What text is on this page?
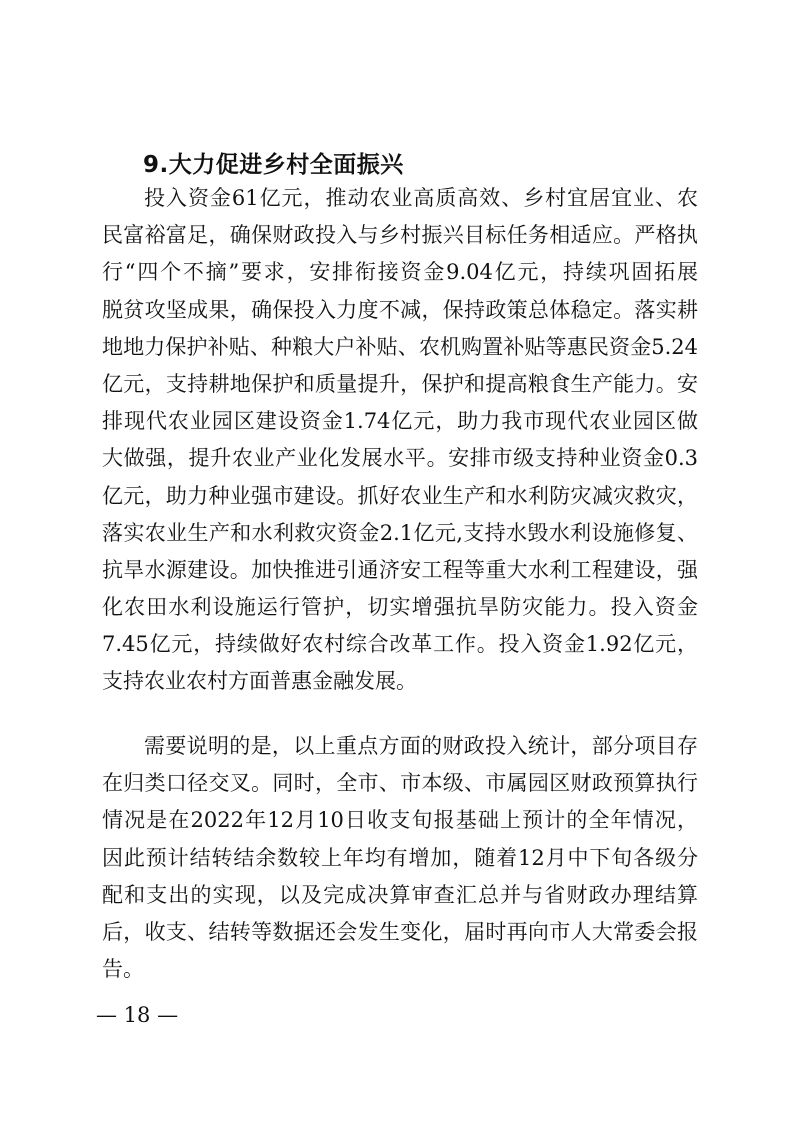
9.大力促进乡村全面振兴
投入资金61亿元，推动农业高质高效、乡村宜居宜业、农
民富裕富足，确保财政投入与乡村振兴目标任务相适应。严格执
行“四个不摘”要求，安排衔接资金9.04亿元，持续巩固拓展
脱贫攻坚成果，确保投入力度不减，保持政策总体稳定。落实耕
地地力保护补贴、种粮大户补贴、农机购置补贴等惠民资金5.24
亿元，支持耕地保护和质量提升，保护和提高粮食生产能力。安
排现代农业园区建设资金1.74亿元，助力我市现代农业园区做
大做强，提升农业产业化发展水平。安排市级支持种业资金0.3
亿元，助力种业强市建设。抓好农业生产和水利防灾减灾救灾，
落实农业生产和水利救灾资金2.1亿元,支持水毁水利设施修复、
抗旱水源建设。加快推进引通济安工程等重大水利工程建设，强
化农田水利设施运行管护，切实增强抗旱防灾能力。投入资金
7.45亿元，持续做好农村综合改革工作。投入资金1.92亿元，
支持农业农村方面普惠金融发展。
需要说明的是，以上重点方面的财政投入统计，部分项目存
在归类口径交叉。同时，全市、市本级、市属园区财政预算执行
情况是在2022年12月10日收支旬报基础上预计的全年情况，
因此预计结转结余数较上年均有增加，随着12月中下旬各级分
配和支出的实现，以及完成决算审查汇总并与省财政办理结算
后，收支、结转等数据还会发生变化，届时再向市人大常委会报
告。
— 18 —
